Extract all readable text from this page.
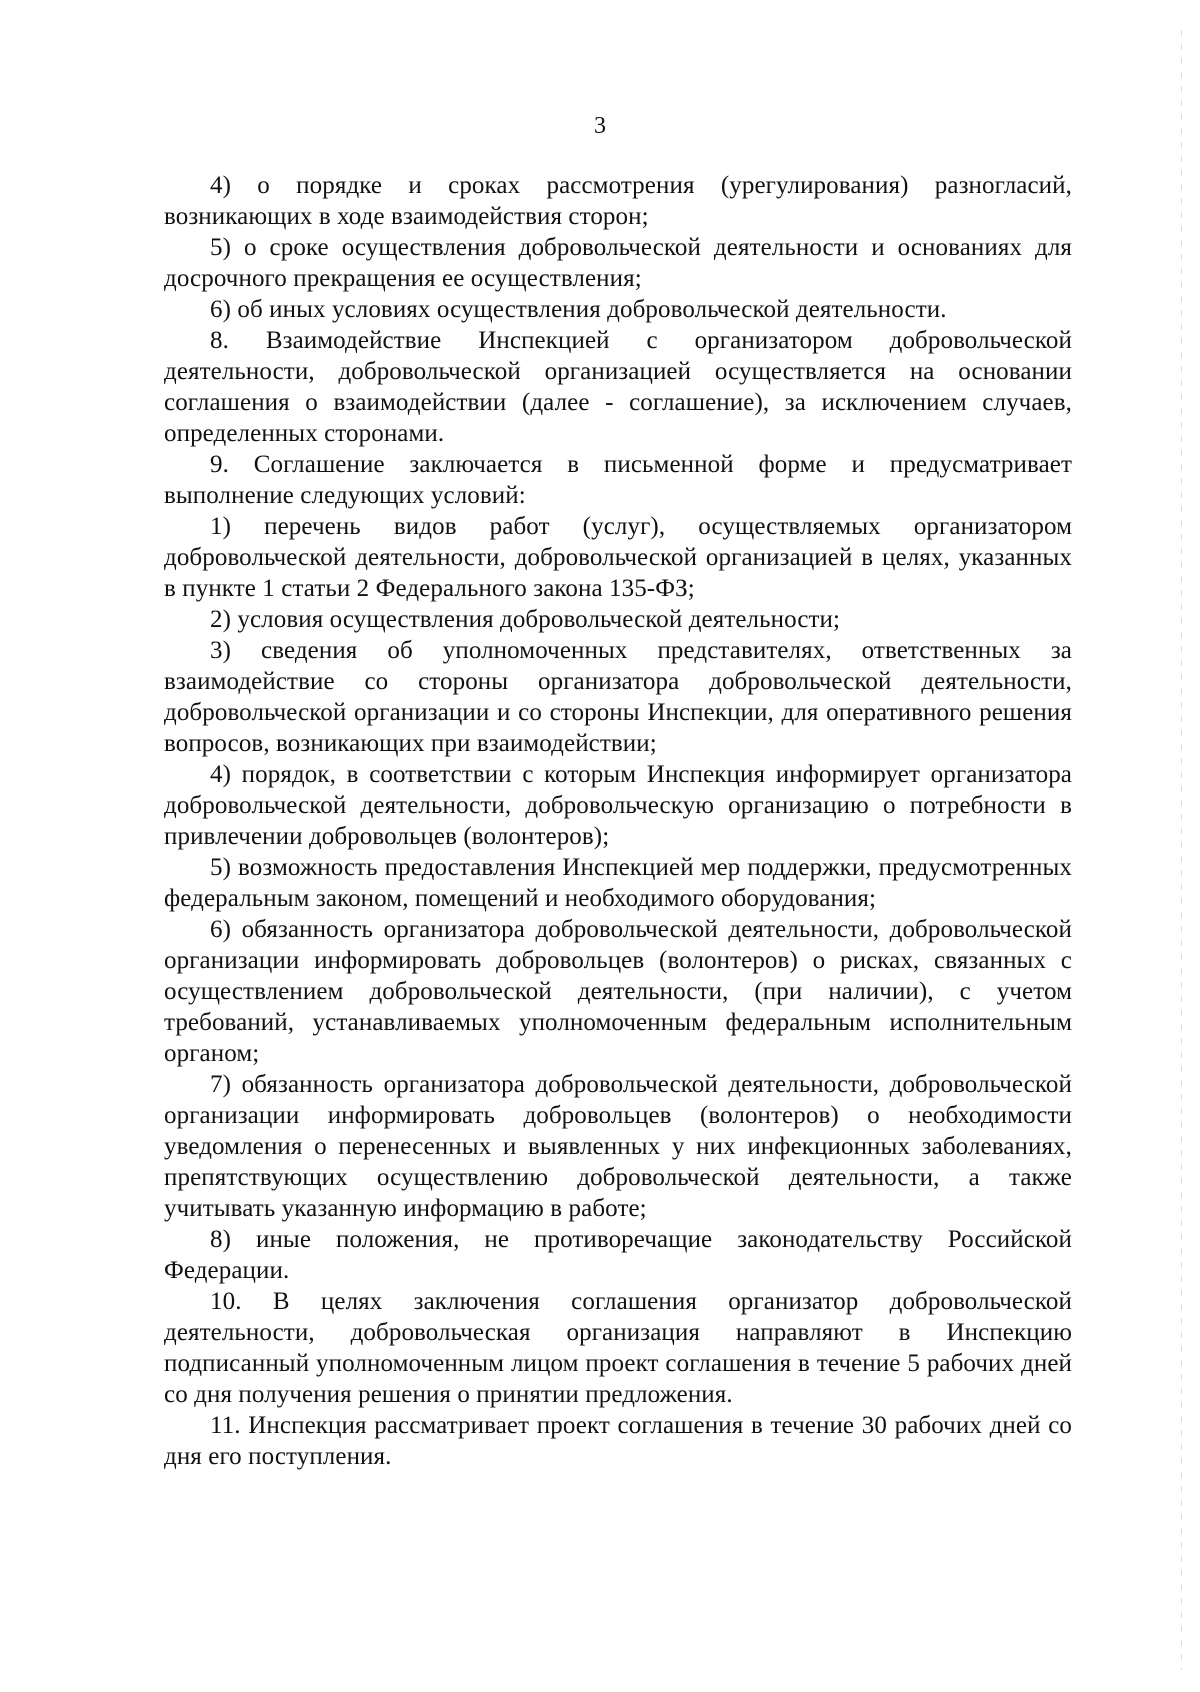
3

4) о порядке и сроках рассмотрения (урегулирования) разногласий, возникающих в ходе взаимодействия сторон;

5) о сроке осуществления добровольческой деятельности и основаниях для досрочного прекращения ее осуществления;

6) об иных условиях осуществления добровольческой деятельности.

8. Взаимодействие Инспекцией с организатором добровольческой деятельности, добровольческой организацией осуществляется на основании соглашения о взаимодействии (далее - соглашение), за исключением случаев, определенных сторонами.

9. Соглашение заключается в письменной форме и предусматривает выполнение следующих условий:

1) перечень видов работ (услуг), осуществляемых организатором добровольческой деятельности, добровольческой организацией в целях, указанных в пункте 1 статьи 2 Федерального закона 135-ФЗ;

2) условия осуществления добровольческой деятельности;

3) сведения об уполномоченных представителях, ответственных за взаимодействие со стороны организатора добровольческой деятельности, добровольческой организации и со стороны Инспекции, для оперативного решения вопросов, возникающих при взаимодействии;

4) порядок, в соответствии с которым Инспекция информирует организатора добровольческой деятельности, добровольческую организацию о потребности в привлечении добровольцев (волонтеров);

5) возможность предоставления Инспекцией мер поддержки, предусмотренных федеральным законом, помещений и необходимого оборудования;

6) обязанность организатора добровольческой деятельности, добровольческой организации информировать добровольцев (волонтеров) о рисках, связанных с осуществлением добровольческой деятельности, (при наличии), с учетом требований, устанавливаемых уполномоченным федеральным исполнительным органом;

7) обязанность организатора добровольческой деятельности, добровольческой организации информировать добровольцев (волонтеров) о необходимости уведомления о перенесенных и выявленных у них инфекционных заболеваниях, препятствующих осуществлению добровольческой деятельности, а также учитывать указанную информацию в работе;

8) иные положения, не противоречащие законодательству Российской Федерации.

10. В целях заключения соглашения организатор добровольческой деятельности, добровольческая организация направляют в Инспекцию подписанный уполномоченным лицом проект соглашения в течение 5 рабочих дней со дня получения решения о принятии предложения.

11. Инспекция рассматривает проект соглашения в течение 30 рабочих дней со дня его поступления.
